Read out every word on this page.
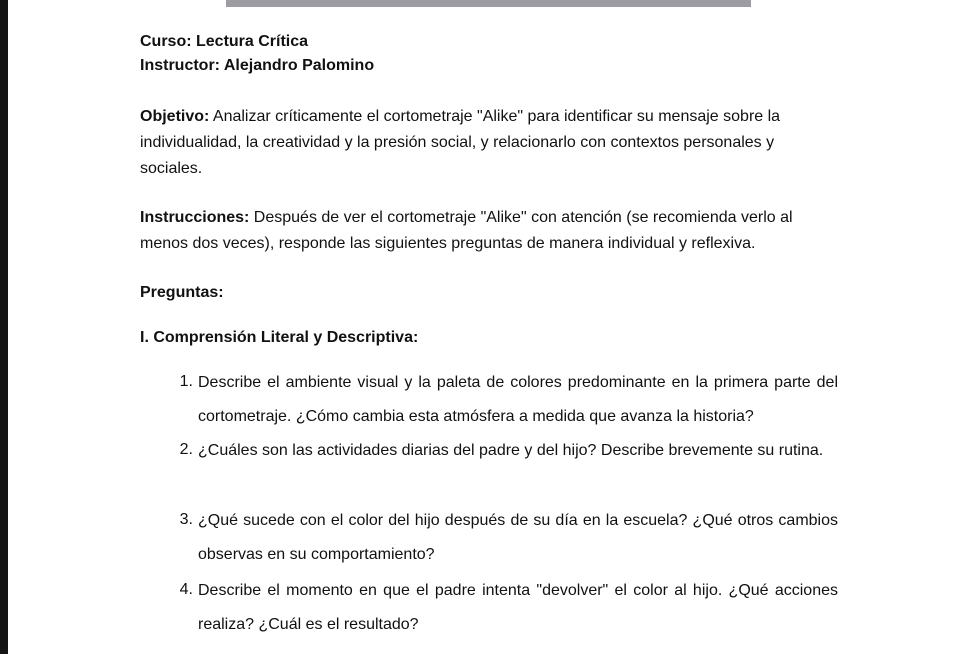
Curso: Lectura Crítica
Instructor: Alejandro Palomino
Objetivo: Analizar críticamente el cortometraje "Alike" para identificar su mensaje sobre la individualidad, la creatividad y la presión social, y relacionarlo con contextos personales y sociales.
Instrucciones: Después de ver el cortometraje "Alike" con atención (se recomienda verlo al menos dos veces), responde las siguientes preguntas de manera individual y reflexiva.
Preguntas:
I. Comprensión Literal y Descriptiva:
1. Describe el ambiente visual y la paleta de colores predominante en la primera parte del cortometraje. ¿Cómo cambia esta atmósfera a medida que avanza la historia?
2. ¿Cuáles son las actividades diarias del padre y del hijo? Describe brevemente su rutina.
3. ¿Qué sucede con el color del hijo después de su día en la escuela? ¿Qué otros cambios observas en su comportamiento?
4. Describe el momento en que el padre intenta "devolver" el color al hijo. ¿Qué acciones realiza? ¿Cuál es el resultado?
